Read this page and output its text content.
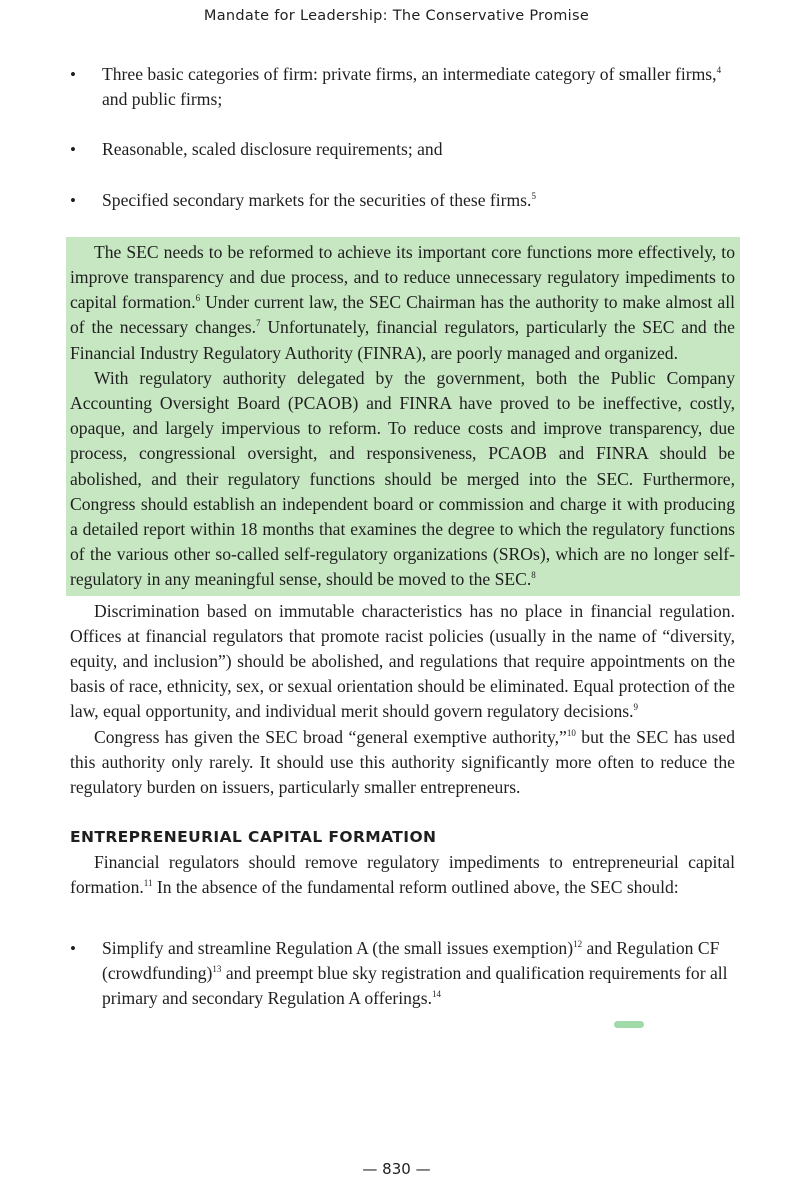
Mandate for Leadership: The Conservative Promise
• Three basic categories of firm: private firms, an intermediate category of smaller firms,$^4$ and public firms;
• Reasonable, scaled disclosure requirements; and
• Specified secondary markets for the securities of these firms.$^5$

The SEC needs to be reformed to achieve its important core functions more effectively, to improve transparency and due process, and to reduce unnecessary regulatory impediments to capital formation.$^6$ Under current law, the SEC Chairman has the authority to make almost all of the necessary changes.$^7$ Unfortunately, financial regulators, particularly the SEC and the Financial Industry Regulatory Authority (FINRA), are poorly managed and organized.

With regulatory authority delegated by the government, both the Public Company Accounting Oversight Board (PCAOB) and FINRA have proved to be ineffective, costly, opaque, and largely impervious to reform. To reduce costs and improve transparency, due process, congressional oversight, and responsiveness, PCAOB and FINRA should be abolished, and their regulatory functions should be merged into the SEC. Furthermore, Congress should establish an independent board or commission and charge it with producing a detailed report within 18 months that examines the degree to which the regulatory functions of the various other so-called self-regulatory organizations (SROs), which are no longer self-regulatory in any meaningful sense, should be moved to the SEC.$^8$

Discrimination based on immutable characteristics has no place in financial regulation. Offices at financial regulators that promote racist policies (usually in the name of “diversity, equity, and inclusion”) should be abolished, and regulations that require appointments on the basis of race, ethnicity, sex, or sexual orientation should be eliminated. Equal protection of the law, equal opportunity, and individual merit should govern regulatory decisions.$^9$

Congress has given the SEC broad “general exemptive authority,”$^{10}$ but the SEC has used this authority only rarely. It should use this authority significantly more often to reduce the regulatory burden on issuers, particularly smaller entrepreneurs.

ENTREPRENEURIAL CAPITAL FORMATION

Financial regulators should remove regulatory impediments to entrepreneurial capital formation.$^{11}$ In the absence of the fundamental reform outlined above, the SEC should:

• Simplify and streamline Regulation A (the small issues exemption)$^{12}$ and Regulation CF (crowdfunding)$^{13}$ and preempt blue sky registration and qualification requirements for all primary and secondary Regulation A offerings.$^{14}$
— 830 —
